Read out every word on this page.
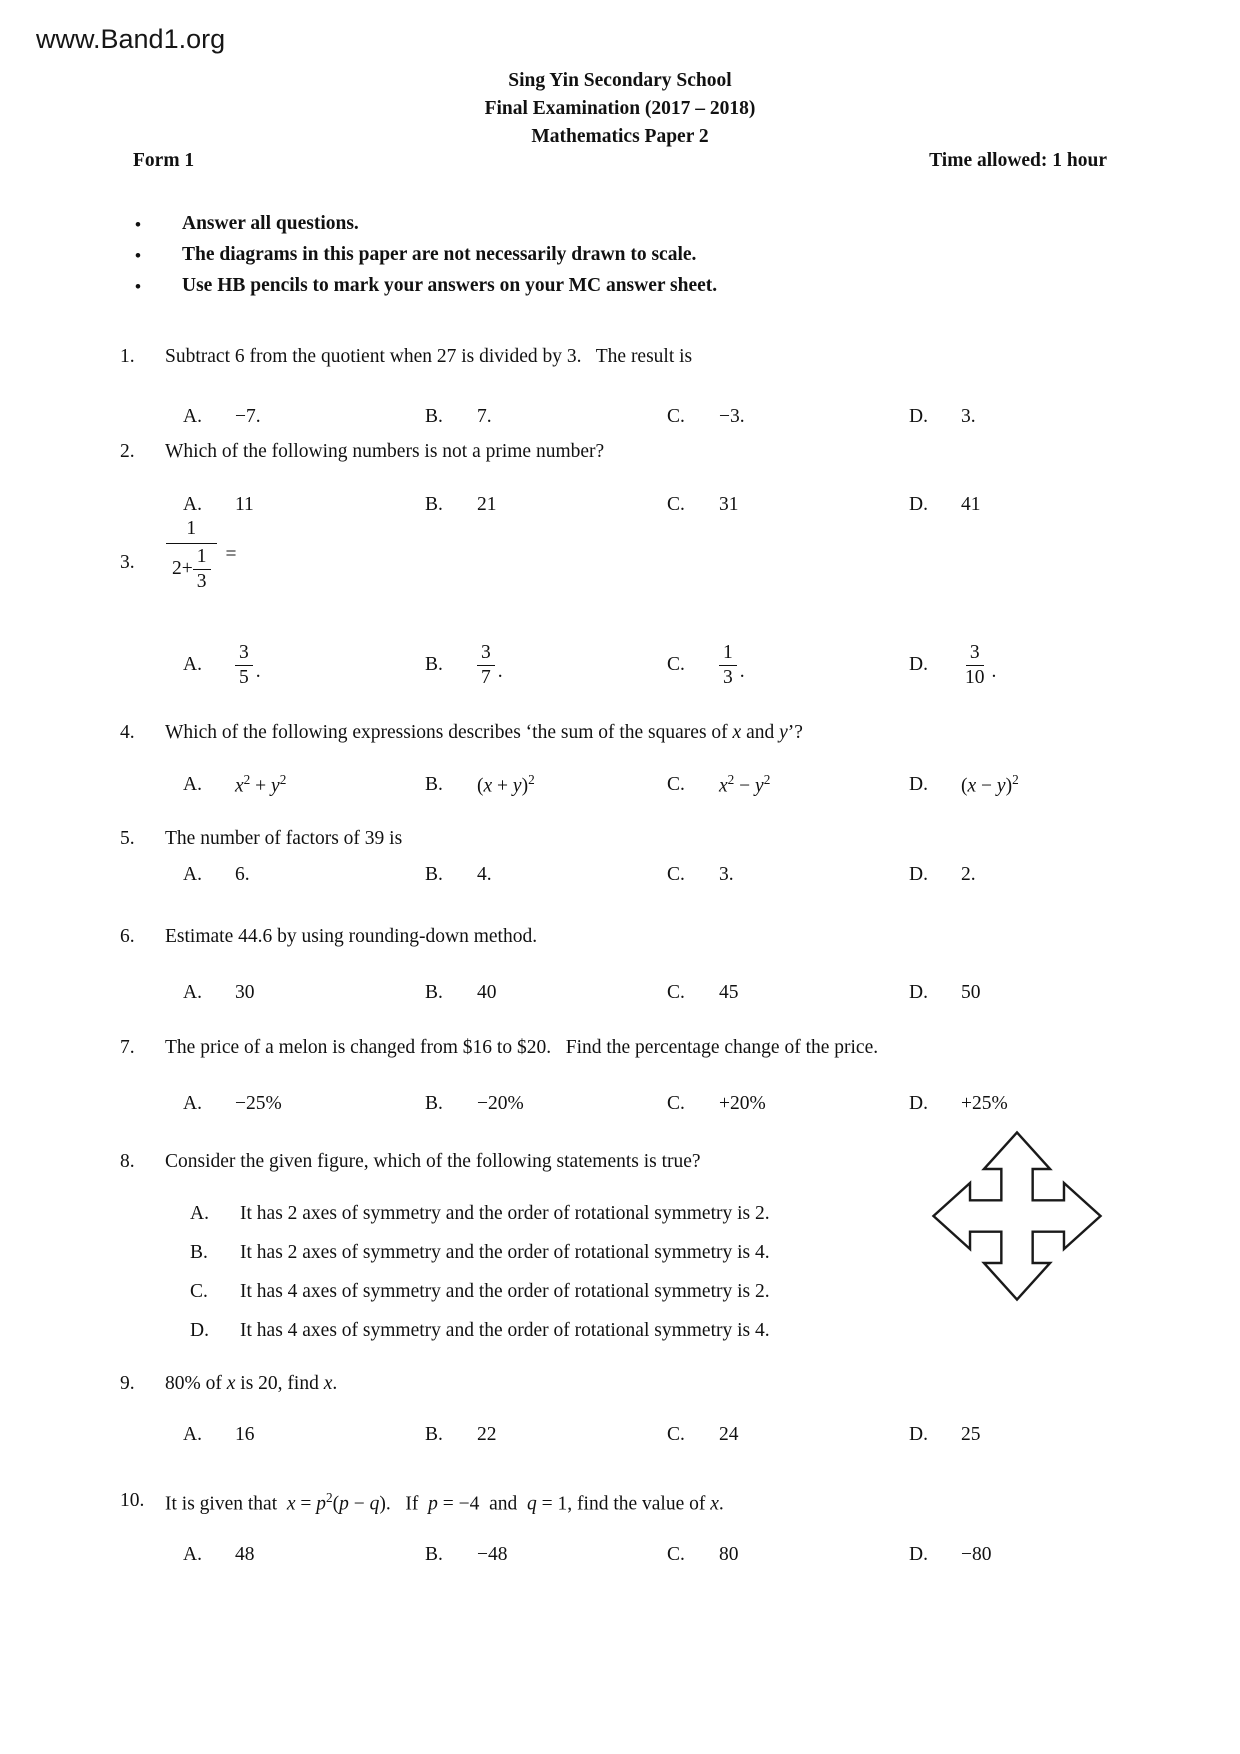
www.Band1.org
Sing Yin Secondary School
Final Examination (2017 – 2018)
Mathematics Paper 2
Form 1	Time allowed: 1 hour
•	Answer all questions.
•	The diagrams in this paper are not necessarily drawn to scale.
•	Use HB pencils to mark your answers on your MC answer sheet.
1.	Subtract 6 from the quotient when 27 is divided by 3.   The result is
A.	−7.	B.	7.	C.	−3.	D.	3.
2.	Which of the following numbers is not a prime number?
A.	11	B.	21	C.	31	D.	41
3.	$\frac{1}{2+ \frac{1}{3}}$ =
A.	$\frac{3}{5}$ .	B.	$\frac{3}{7}$ .	C.	$\frac{1}{3}$ .	D.	$\frac{3}{10}$ .
4.	Which of the following expressions describes ‘the sum of the squares of x and y’?
A.	$x^2 + y^2$	B.	$(x + y)^2$	C.	$x^2 - y^2$	D.	$(x - y)^2$
5.	The number of factors of 39 is
A.	6.	B.	4.	C.	3.	D.	2.
6.	Estimate 44.6 by using rounding-down method.
A.	30	B.	40	C.	45	D.	50
7.	The price of a melon is changed from $16 to $20.   Find the percentage change of the price.
A.	−25%	B.	−20%	C.	+20%	D.	+25%
8.	Consider the given figure, which of the following statements is true?
A.	It has 2 axes of symmetry and the order of rotational symmetry is 2.
B.	It has 2 axes of symmetry and the order of rotational symmetry is 4.
C.	It has 4 axes of symmetry and the order of rotational symmetry is 2.
D.	It has 4 axes of symmetry and the order of rotational symmetry is 4.
9.	80% of x is 20, find x.
A.	16	B.	22	C.	24	D.	25
10.	It is given that  $x = p^2(p - q)$.   If  p = −4  and  q = 1, find the value of x.
A.	48	B.	−48	C.	80	D.	−80
